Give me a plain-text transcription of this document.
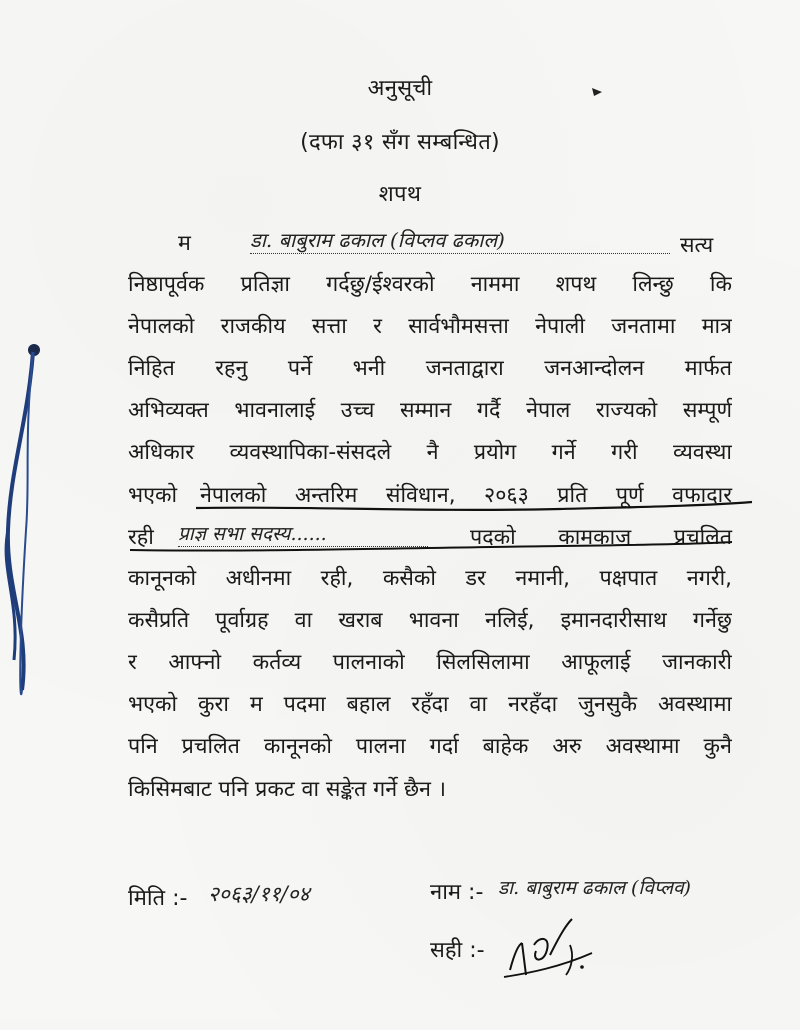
अनुसूची
(दफा ३१ सँग सम्बन्धित)
शपथ
म	डा. बाबुराम ढकाल (विप्लव ढकाल)	सत्य
निष्ठापूर्वक प्रतिज्ञा गर्दछु/ईश्वरको नाममा शपथ लिन्छु कि
नेपालको राजकीय सत्ता र सार्वभौमसत्ता नेपाली जनतामा मात्र
निहित रहनु पर्ने भनी जनताद्वारा जनआन्दोलन मार्फत
अभिव्यक्त भावनालाई उच्च सम्मान गर्दै नेपाल राज्यको सम्पूर्ण
अधिकार व्यवस्थापिका-संसदले नै प्रयोग गर्ने गरी व्यवस्था
भएको नेपालको अन्तरिम संविधान, २०६३ प्रति पूर्ण वफादार
रही प्राज्ञ सभा सदस्य......	पदको कामकाज प्रचलित
कानूनको अधीनमा रही, कसैको डर नमानी, पक्षपात नगरी,
कसैप्रति पूर्वाग्रह वा खराब भावना नलिई, इमानदारीसाथ गर्नेछु
र आफ्नो कर्तव्य पालनाको सिलसिलामा आफूलाई जानकारी
भएको कुरा म पदमा बहाल रहँदा वा नरहँदा जुनसुकै अवस्थामा
पनि प्रचलित कानूनको पालना गर्दा बाहेक अरु अवस्थामा कुनै
किसिमबाट पनि प्रकट वा सङ्केत गर्ने छैन ।
मिति :- २०६३/११/०४	नाम :- डा. बाबुराम ढकाल (विप्लव)
सही :-
